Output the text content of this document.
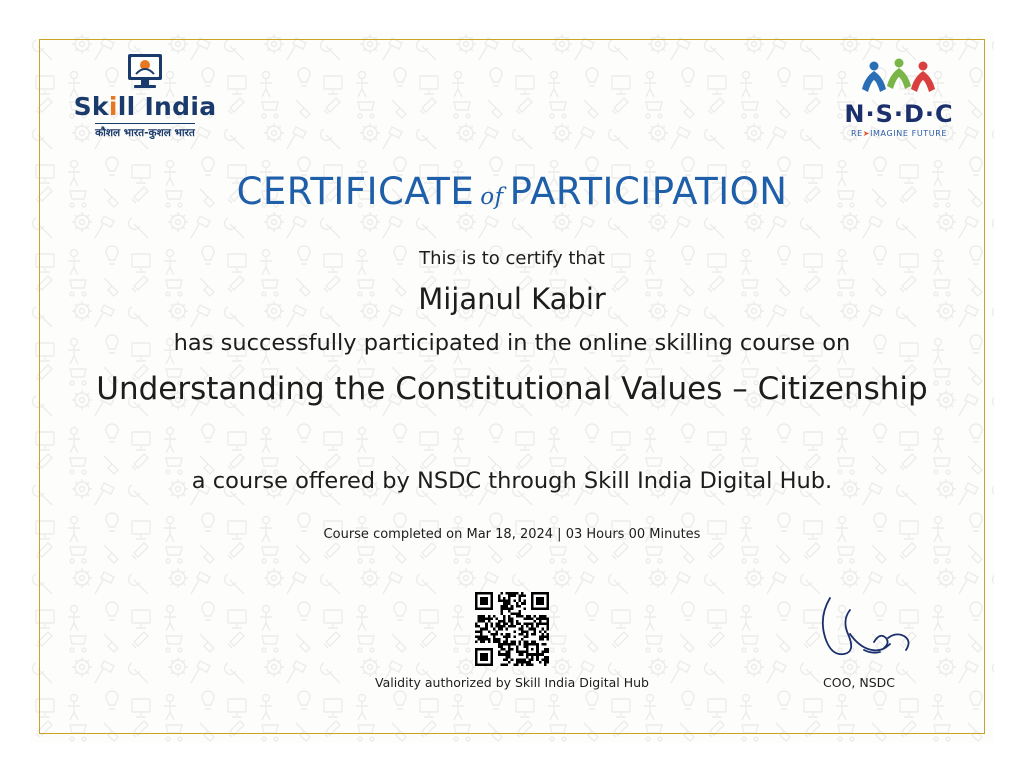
Skill India
कौशल भारत-कुशल भारत
N·S·D·C
RE➤IMAGINE FUTURE
CERTIFICATE of PARTICIPATION
This is to certify that
Mijanul Kabir
has successfully participated in the online skilling course on
Understanding the Constitutional Values – Citizenship
a course offered by NSDC through Skill India Digital Hub.
Course completed on Mar 18, 2024 | 03 Hours 00 Minutes
Validity authorized by Skill India Digital Hub	COO, NSDC
